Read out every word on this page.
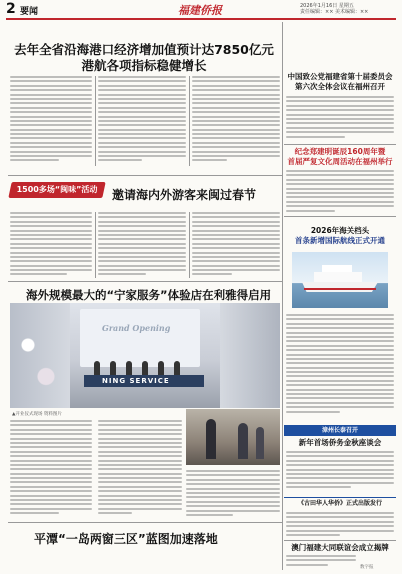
2 要闻	福建侨报	2026年1月16日 星期五
责任编辑：×× 美术编辑：××
去年全省沿海港口经济增加值预计达7850亿元
港航各项指标稳健增长
1500多场“闽味”活动	邀请海内外游客来闽过春节
海外规模最大的“宁家服务”体验店在利雅得启用
Grand Opening
NING SERVICE
▲开业仪式现场 资料图片
平潭“一岛两窗三区”蓝图加速落地
中国致公党福建省第十届委员会
第六次全体会议在福州召开
纪念郑建明诞辰160周年暨
首届严复文化周活动在福州举行
2026年海关档头
首条新增国际航线正式开通
漳州长泰召开
新年首场侨务金秋座谈会
《古田华人华侨》正式出版发行
澳门福建大同联谊会成立揭牌
数字报
